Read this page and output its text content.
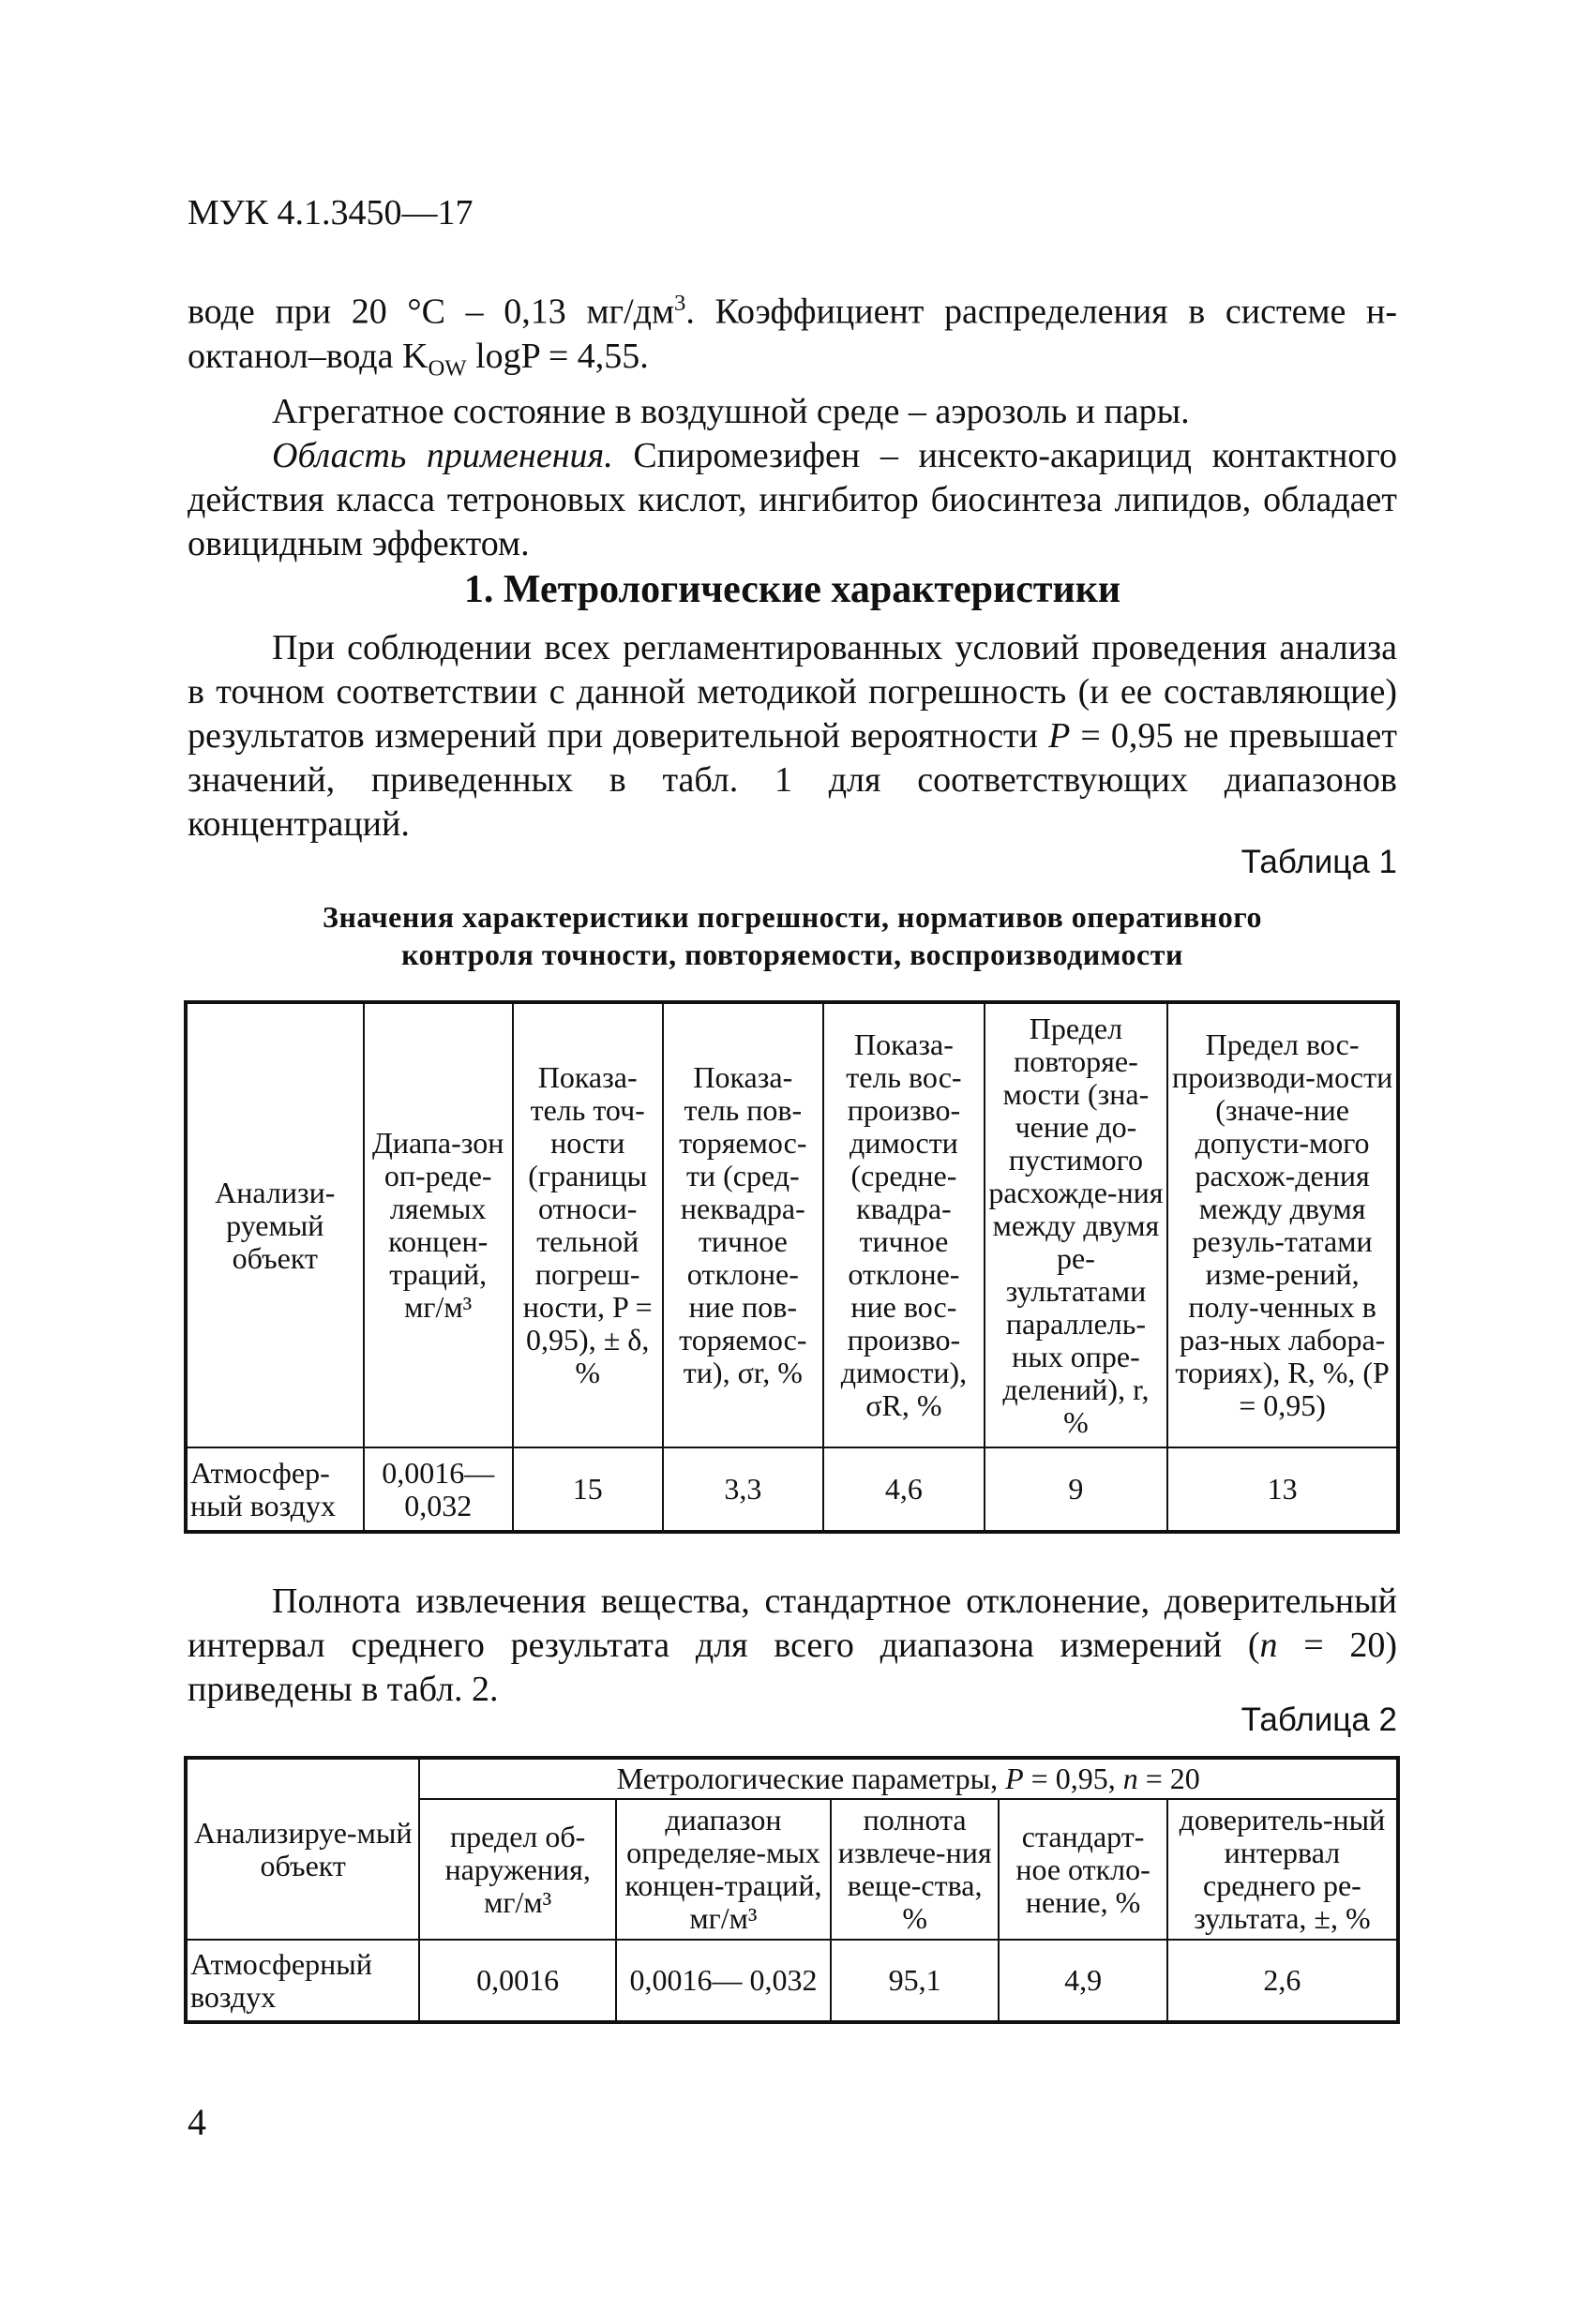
МУК 4.1.3450—17

воде при 20 °С – 0,13 $мг/дм^3$. Коэффициент распределения в системе н-октанол–вода $K_{OW}$ logP = 4,55.

Агрегатное состояние в воздушной среде – аэрозоль и пары.

Область применения. Спиромезифен – инсекто-акарицид контактного действия класса тетроновых кислот, ингибитор биосинтеза липидов, обладает овицидным эффектом.

1. Метрологические характеристики

При соблюдении всех регламентированных условий проведения анализа в точном соответствии с данной методикой погрешность (и ее составляющие) результатов измерений при доверительной вероятности Р = 0,95 не превышает значений, приведенных в табл. 1 для соответствующих диапазонов концентраций.

Таблица 1
Значения характеристики погрешности, нормативов оперативного
контроля точности, повторяемости, воспроизводимости
Анализи-руемый объект	Диапа-зон оп-реде-ляемых концен-траций, мг/м³	Показа-тель точ-ности (границы относи-тельной погреш-ности, P = 0,95), ± δ, %	Показа-тель пов-торяемос-ти (сред-неквадра-тичное отклоне-ние пов-торяемос-ти), σr, %	Показа-тель вос-произво-димости (средне-квадра-тичное отклоне-ние вос-произво-димости), σR, %	Предел повторяе-мости (зна-чение до-пустимого расхожде-ния между двумя ре-зультатами параллель-ных опре-делений), r, %	Предел вос-производи-мости (значе-ние допусти-мого расхож-дения между двумя резуль-татами изме-рений, полу-ченных в раз-ных лабора-ториях), R, %, (P = 0,95)
Атмосфер-ный воздух	0,0016— 0,032	15	3,3	4,6	9	13

Полнота извлечения вещества, стандартное отклонение, доверительный интервал среднего результата для всего диапазона измерений (n = 20) приведены в табл. 2.

Таблица 2
Анализируе-мый объект	Метрологические параметры, Р = 0,95, n = 20				
	предел об-наружения, мг/м³	диапазон определяе-мых концен-траций, мг/м³	полнота извлече-ния веще-ства, %	стандарт-ное откло-нение, %	доверитель-ный интервал среднего ре-зультата, ±, %
Атмосферный воздух	0,0016	0,0016— 0,032	95,1	4,9	2,6
4
